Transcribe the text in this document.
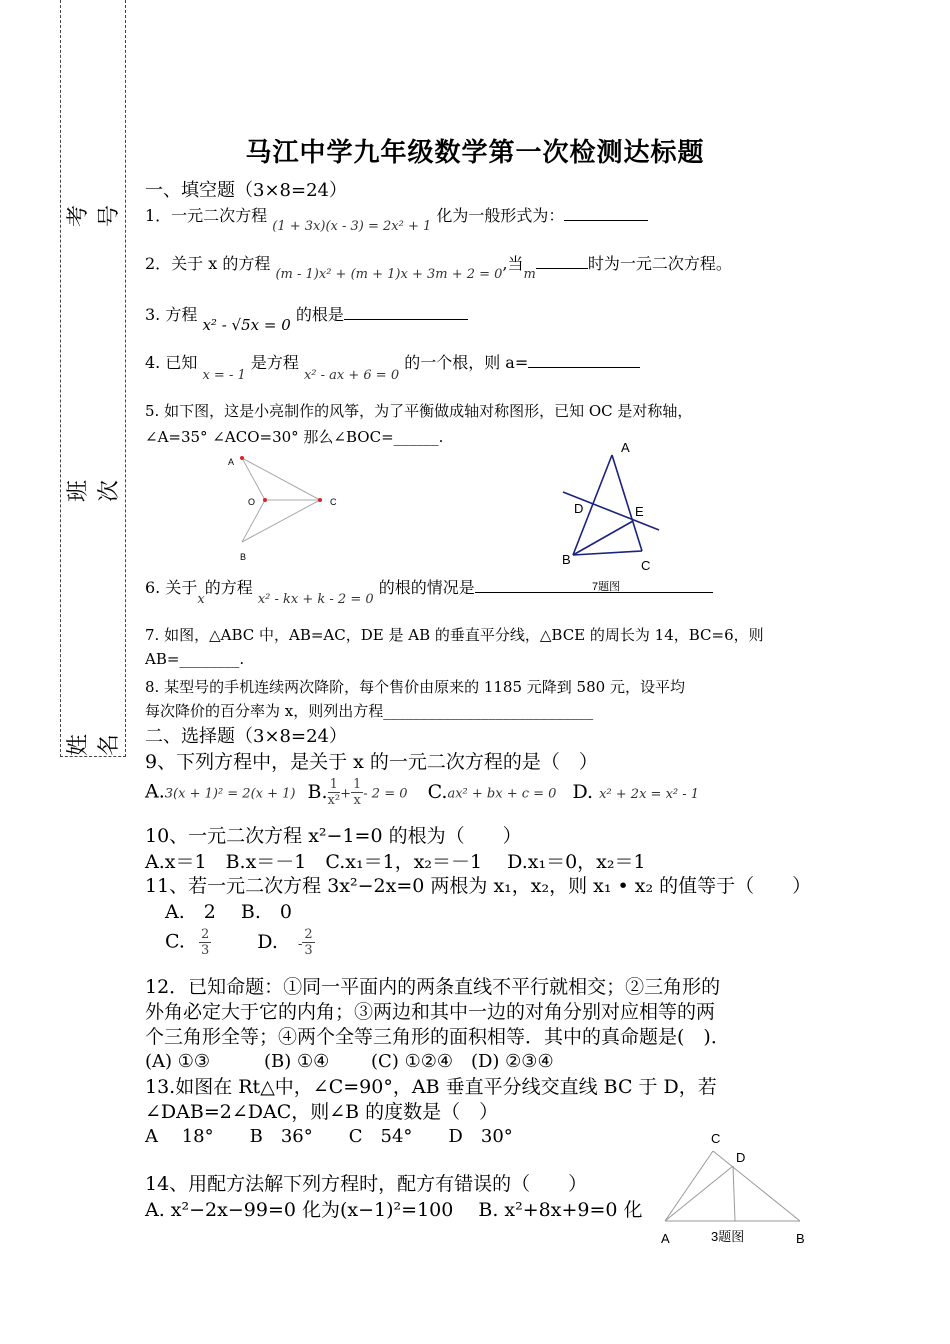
考号
班次
姓名
马江中学九年级数学第一次检测达标题
一、填空题（3×8=24）
1．一元二次方程 $_{(1 + 3x)(x - 3) = 2x^2 + 1}$ 化为一般形式为：
2．关于 x 的方程 $_{(m - 1)x^2 + (m + 1)x + 3m + 2 = 0}$,当$_m$时为一元二次方程。
3. 方程 x² - √5x = 0 的根是
4. 已知 $_{x = - 1}$ 是方程 $_{x^2 - ax + 6 = 0}$ 的一个根，则 a=
5. 如下图，这是小亮制作的风筝，为了平衡做成轴对称图形，已知 OC 是对称轴，
∠A=35° ∠ACO=30° 那么∠BOC=______.
A
O	C
B
A
D	E
B	C
7题图
6. 关于$_x$的方程 $_{x^2 - kx + k - 2 = 0}$ 的根的情况是
7. 如图，△ABC 中，AB=AC，DE 是 AB 的垂直平分线，△BCE 的周长为 14，BC=6，则
AB=________.
8. 某型号的手机连续两次降阶，每个售价由原来的 1185 元降到 580 元，设平均
每次降价的百分率为 x，则列出方程____________________________
二、选择题（3×8=24）
9、下列方程中，是关于 x 的一元二次方程的是（　）
A.3(x + 1)² = 2(x + 1) B. $\frac{1}{\text{x²}} + \frac{1}{x} - 2 = 0$ C.ax² + bx + c = 0 D. x² + 2x = x² - 1
10、一元二次方程 x²−1=0 的根为（　　）
A.x＝1　B.x＝－1　C.x₁＝1，x₂＝－1　 D.x₁＝0，x₂＝1
11、若一元二次方程 3x²−2x=0 两根为 x₁，x₂，则 x₁ • x₂ 的值等于（　　）
A.　2　 B.　0
C. $\frac{2}{3} D$. - $\frac{2}{3}$
12．已知命题：①同一平面内的两条直线不平行就相交；②三角形的
外角必定大于它的内角；③两边和其中一边的对角分别对应相等的两
个三角形全等；④两个全等三角形的面积相等．其中的真命题是(　)．
(A) ①③　　　(B) ①④　　 (C) ①②④　(D) ②③④
13.如图在 Rt△中，∠C=90°，AB 垂直平分线交直线 BC 于 D，若
∠DAB=2∠DAC，则∠B 的度数是（　）
A　 18°　　B　36°　　C　54°　　D　30°	C
D
A	B
3题图
14、用配方法解下列方程时，配方有错误的（　　）
A. x²−2x−99=0 化为(x−1)²=100　 B. x²+8x+9=0 化
